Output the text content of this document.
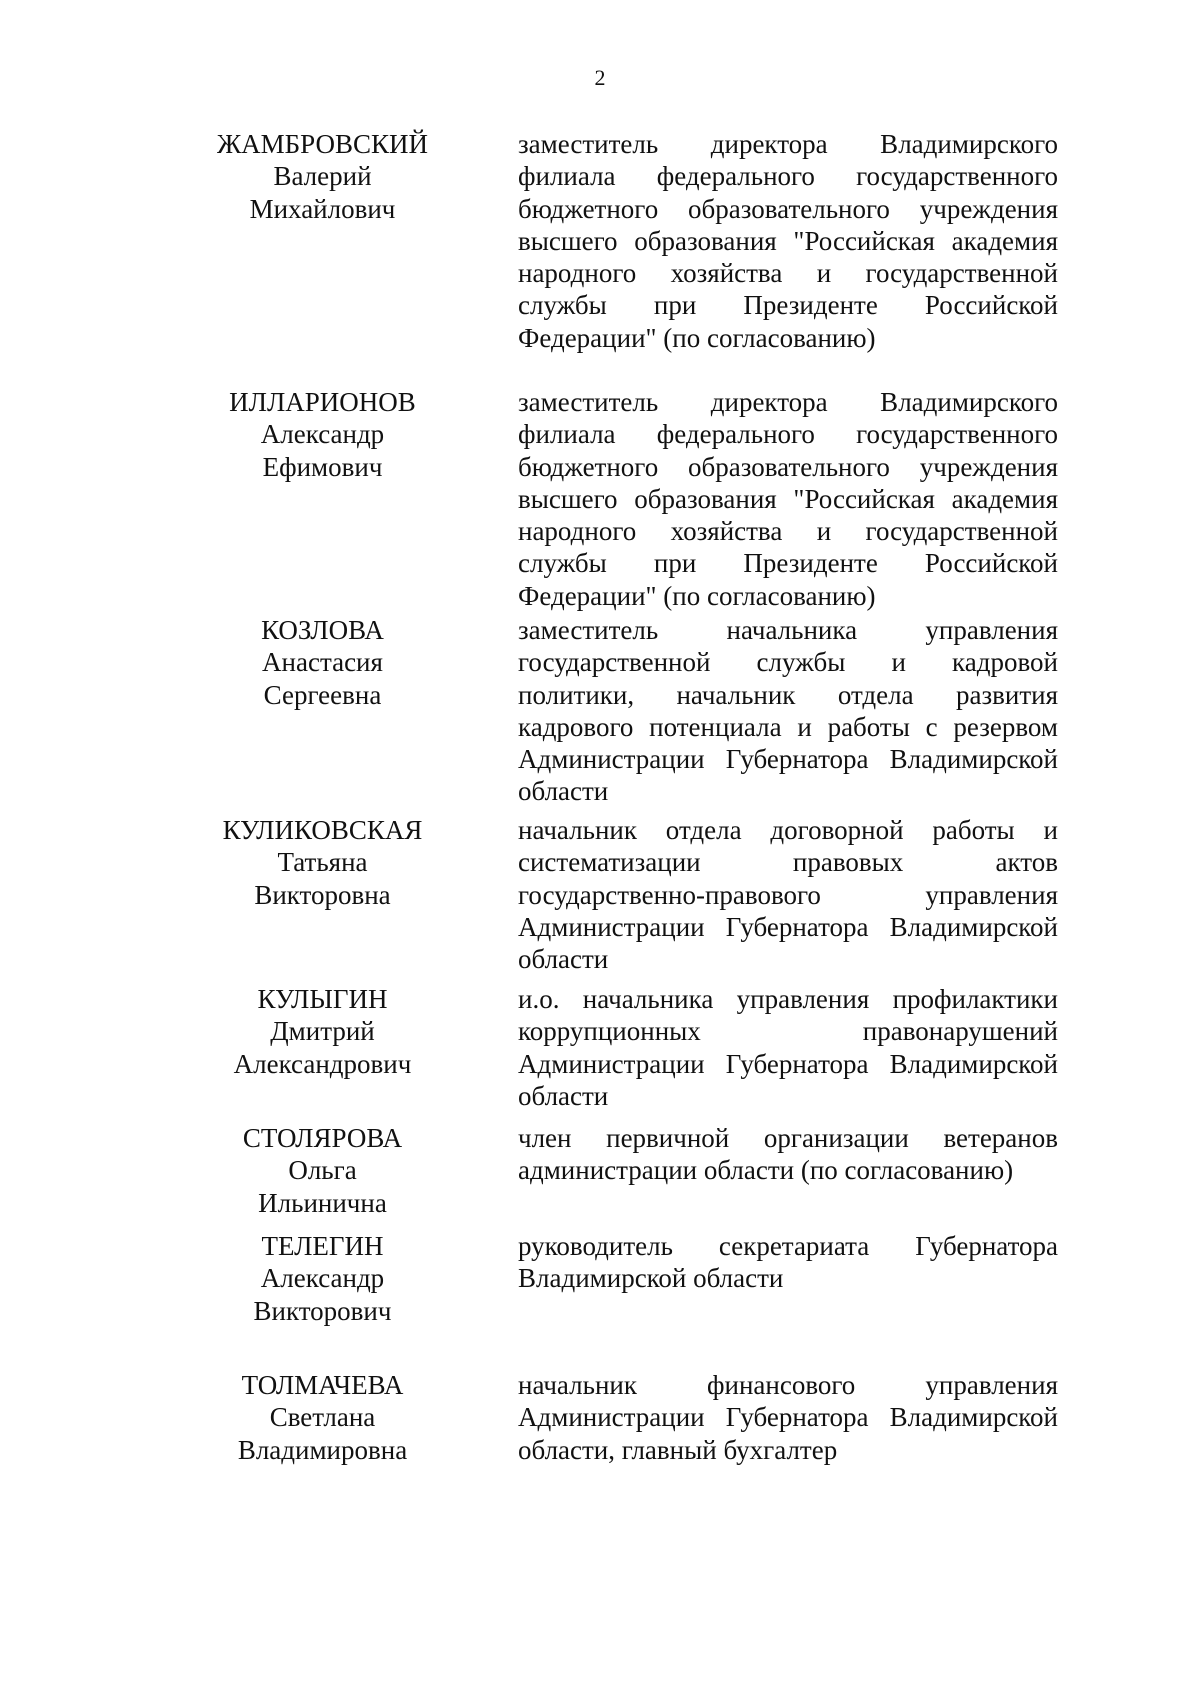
2
ЖАМБРОВСКИЙ
Валерий
Михайлович
заместитель директора Владимирского
филиала федерального государственного
бюджетного образовательного учреждения
высшего образования "Российская академия
народного хозяйства и государственной
службы при Президенте Российской
Федерации" (по согласованию)
ИЛЛАРИОНОВ
Александр
Ефимович
заместитель директора Владимирского
филиала федерального государственного
бюджетного образовательного учреждения
высшего образования "Российская академия
народного хозяйства и государственной
службы при Президенте Российской
Федерации" (по согласованию)
КОЗЛОВА
Анастасия
Сергеевна
заместитель начальника управления
государственной службы и кадровой
политики, начальник отдела развития
кадрового потенциала и работы с резервом
Администрации Губернатора Владимирской
области
КУЛИКОВСКАЯ
Татьяна
Викторовна
начальник отдела договорной работы и
систематизации правовых актов
государственно-правового управления
Администрации Губернатора Владимирской
области
КУЛЫГИН
Дмитрий
Александрович
и.о. начальника управления профилактики
коррупционных правонарушений
Администрации Губернатора Владимирской
области
СТОЛЯРОВА
Ольга
Ильинична
член первичной организации ветеранов
администрации области (по согласованию)
ТЕЛЕГИН
Александр
Викторович
руководитель секретариата Губернатора
Владимирской области
ТОЛМАЧЕВА
Светлана
Владимировна
начальник финансового управления
Администрации Губернатора Владимирской
области, главный бухгалтер
